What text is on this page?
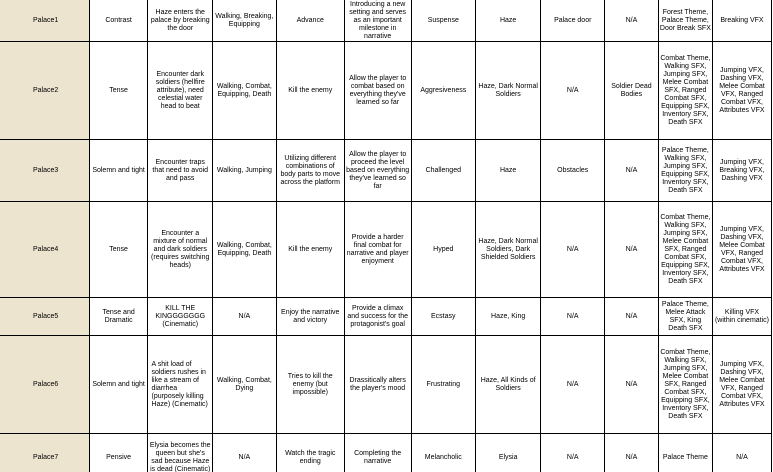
Palace1	Contrast	Haze enters the palace by breaking the door	Walking, Breaking, Equipping	Advance	Introducing a new setting and serves as an important milestone in narrative	Suspense	Haze	Palace door	N/A	Forest Theme, Palace Theme, Door Break SFX	Breaking VFX
Palace2	Tense	Encounter dark soldiers (hellfire attribute), need celestial water head to beat	Walking, Combat, Equipping, Death	Kill the enemy	Allow the player to combat based on everything they've learned so far	Aggresiveness	Haze, Dark Normal Soldiers	N/A	Soldier Dead Bodies	Combat Theme, Walking SFX, Jumping SFX, Melee Combat SFX, Ranged Combat SFX, Equipping SFX, Inventory SFX, Death SFX	Jumping VFX, Dashing VFX, Melee Combat VFX, Ranged Combat VFX, Attributes VFX
Palace3	Solemn and tight	Encounter traps that need to avoid and pass	Walking, Jumping	Utilizing different combinations of body parts to move across the platform	Allow the player to proceed the level based on everything they've learned so far	Challenged	Haze	Obstacles	N/A	Palace Theme, Walking SFX, Jumping SFX, Equipping SFX, Inventory SFX, Death SFX	Jumping VFX, Breaking VFX, Dashing VFX
Palace4	Tense	Encounter a mixture of normal and dark soldiers (requires switching heads)	Walking, Combat, Equipping, Death	Kill the enemy	Provide a harder final combat for narrative and player enjoyment	Hyped	Haze, Dark Normal Soldiers, Dark Shielded Soldiers	N/A	N/A	Combat Theme, Walking SFX, Jumping SFX, Melee Combat SFX, Ranged Combat SFX, Equipping SFX, Inventory SFX, Death SFX	Jumping VFX, Dashing VFX, Melee Combat VFX, Ranged Combat VFX, Attributes VFX
Palace5	Tense and Dramatic	KILL THE KINGGGGGGG (Cinematic)	N/A	Enjoy the narrative and victory	Provide a climax and success for the protagonist's goal	Ecstasy	Haze, King	N/A	N/A	Palace Theme, Melee Attack SFX, King Death SFX	Killing VFX (within cinematic)
Palace6	Solemn and tight	A shit load of soldiers rushes in like a stream of diarrhea (purposely killing Haze) (Cinematic)	Walking, Combat, Dying	Tries to kill the enemy (but impossible)	Drassitically alters the player's mood	Frustrating	Haze, All Kinds of Soldiers	N/A	N/A	Combat Theme, Walking SFX, Jumping SFX, Melee Combat SFX, Ranged Combat SFX, Equipping SFX, Inventory SFX, Death SFX	Jumping VFX, Dashing VFX, Melee Combat VFX, Ranged Combat VFX, Attributes VFX
Palace7	Pensive	Elysia becomes the queen but she's sad because Haze is dead (Cinematic)	N/A	Watch the tragic ending	Completing the narrative	Melancholic	Elysia	N/A	N/A	Palace Theme	N/A
